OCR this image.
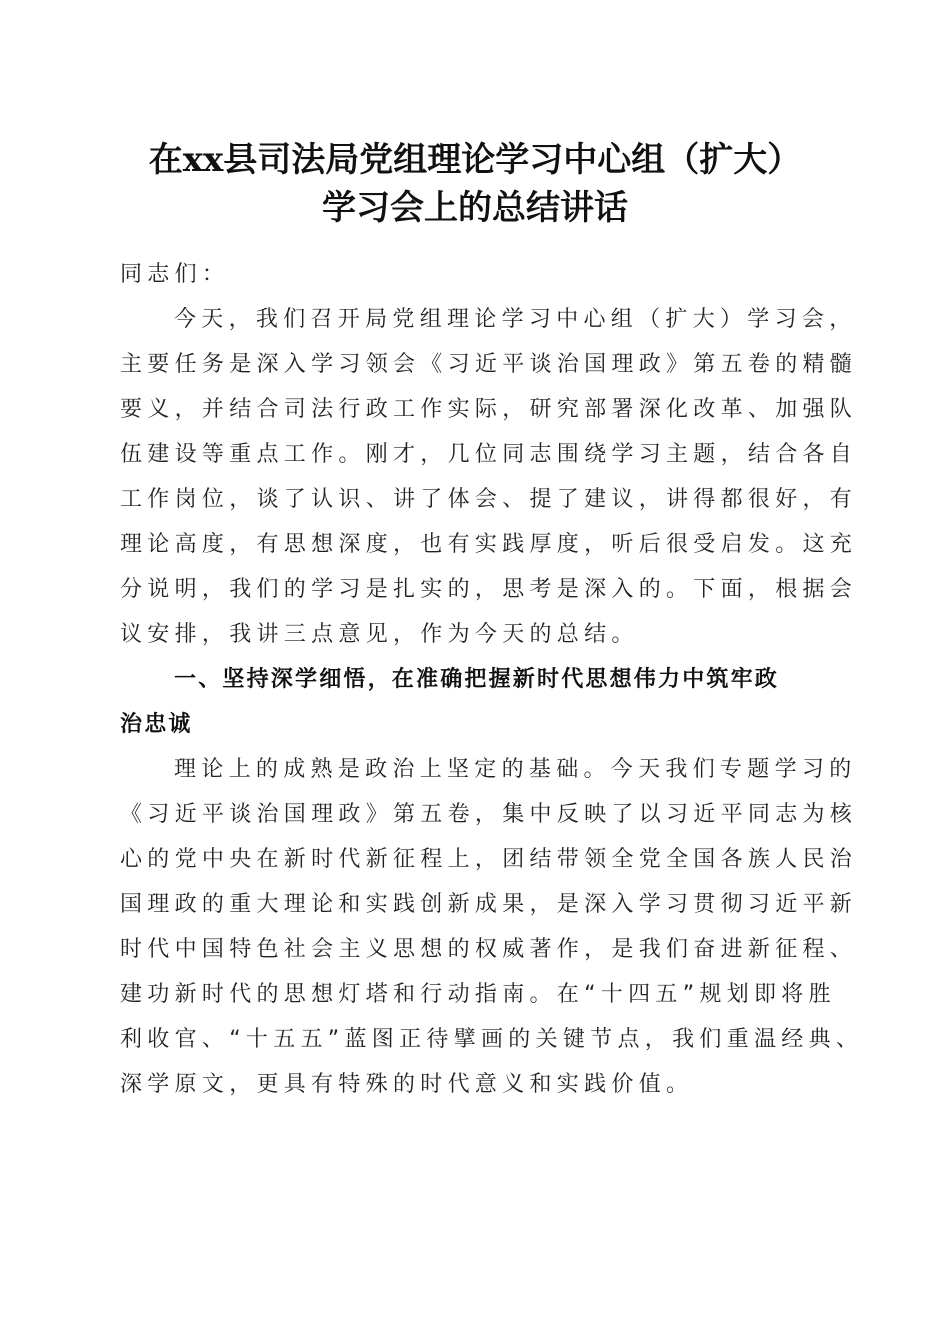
在xx县司法局党组理论学习中心组（扩大）
学习会上的总结讲话
同志们：
今天，我们召开局党组理论学习中心组（扩大）学习会，
主要任务是深入学习领会《习近平谈治国理政》第五卷的精髓
要义，并结合司法行政工作实际，研究部署深化改革、加强队
伍建设等重点工作。刚才，几位同志围绕学习主题，结合各自
工作岗位，谈了认识、讲了体会、提了建议，讲得都很好，有
理论高度，有思想深度，也有实践厚度，听后很受启发。这充
分说明，我们的学习是扎实的，思考是深入的。下面，根据会
议安排，我讲三点意见，作为今天的总结。
一、坚持深学细悟，在准确把握新时代思想伟力中筑牢政
治忠诚
理论上的成熟是政治上坚定的基础。今天我们专题学习的
《习近平谈治国理政》第五卷，集中反映了以习近平同志为核
心的党中央在新时代新征程上，团结带领全党全国各族人民治
国理政的重大理论和实践创新成果，是深入学习贯彻习近平新
时代中国特色社会主义思想的权威著作，是我们奋进新征程、
建功新时代的思想灯塔和行动指南。在“十四五”规划即将胜
利收官、“十五五”蓝图正待擘画的关键节点，我们重温经典、
深学原文，更具有特殊的时代意义和实践价值。
